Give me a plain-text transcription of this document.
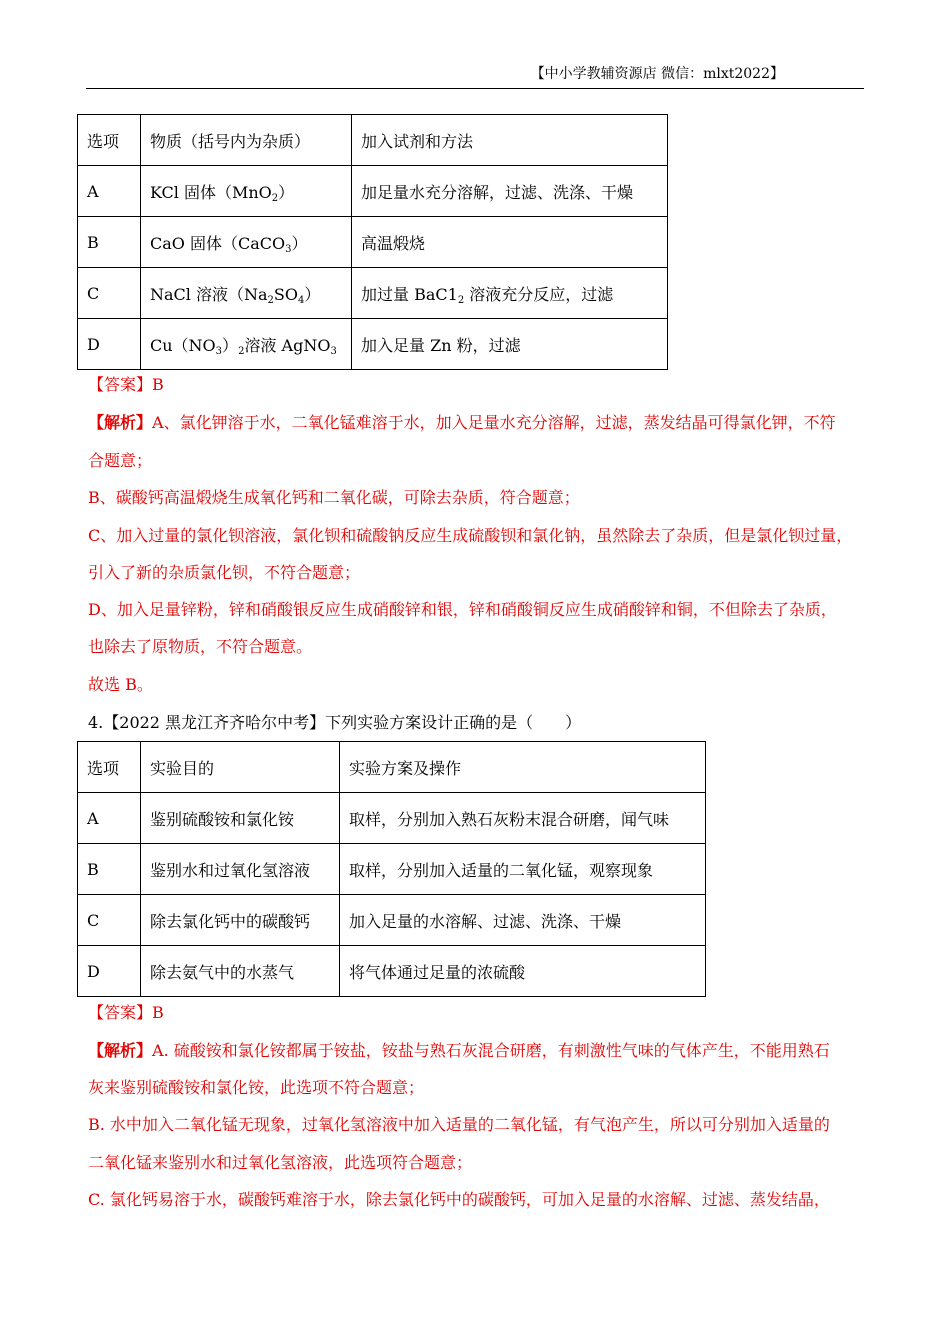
【中小学教辅资源店 微信：mlxt2022】
选项	物质（括号内为杂质）	加入试剂和方法
A	KCl 固体（MnO$_2$）	加足量水充分溶解，过滤、洗涤、干燥
B	CaO 固体（CaCO$_3$）	高温煅烧
C	NaCl 溶液$(Na_2SO_4)$	加过量 $BaC1_2$ 溶液充分反应，过滤
D	$Cu(NO_3)_2$溶液 AgNO$_3$	加入足量 Zn 粉，过滤
【答案】B
【解析】A、氯化钾溶于水，二氧化锰难溶于水，加入足量水充分溶解，过滤，蒸发结晶可得氯化钾，不符
合题意；
B、碳酸钙高温煅烧生成氧化钙和二氧化碳，可除去杂质，符合题意；
C、加入过量的氯化钡溶液，氯化钡和硫酸钠反应生成硫酸钡和氯化钠，虽然除去了杂质，但是氯化钡过量，
引入了新的杂质氯化钡，不符合题意；
D、加入足量锌粉，锌和硝酸银反应生成硝酸锌和银，锌和硝酸铜反应生成硝酸锌和铜，不但除去了杂质，
也除去了原物质，不符合题意。
故选 B。
4.【2022 黑龙江齐齐哈尔中考】下列实验方案设计正确的是（　　）
选项	实验目的	实验方案及操作
A	鉴别硫酸铵和氯化铵	取样，分别加入熟石灰粉末混合研磨，闻气味
B	鉴别水和过氧化氢溶液	取样，分别加入适量的二氧化锰，观察现象
C	除去氯化钙中的碳酸钙	加入足量的水溶解、过滤、洗涤、干燥
D	除去氨气中的水蒸气	将气体通过足量的浓硫酸
【答案】B
【解析】A. 硫酸铵和氯化铵都属于铵盐，铵盐与熟石灰混合研磨，有刺激性气味的气体产生，不能用熟石
灰来鉴别硫酸铵和氯化铵，此选项不符合题意；
B. 水中加入二氧化锰无现象，过氧化氢溶液中加入适量的二氧化锰，有气泡产生，所以可分别加入适量的
二氧化锰来鉴别水和过氧化氢溶液，此选项符合题意；
C. 氯化钙易溶于水，碳酸钙难溶于水，除去氯化钙中的碳酸钙，可加入足量的水溶解、过滤、蒸发结晶，
